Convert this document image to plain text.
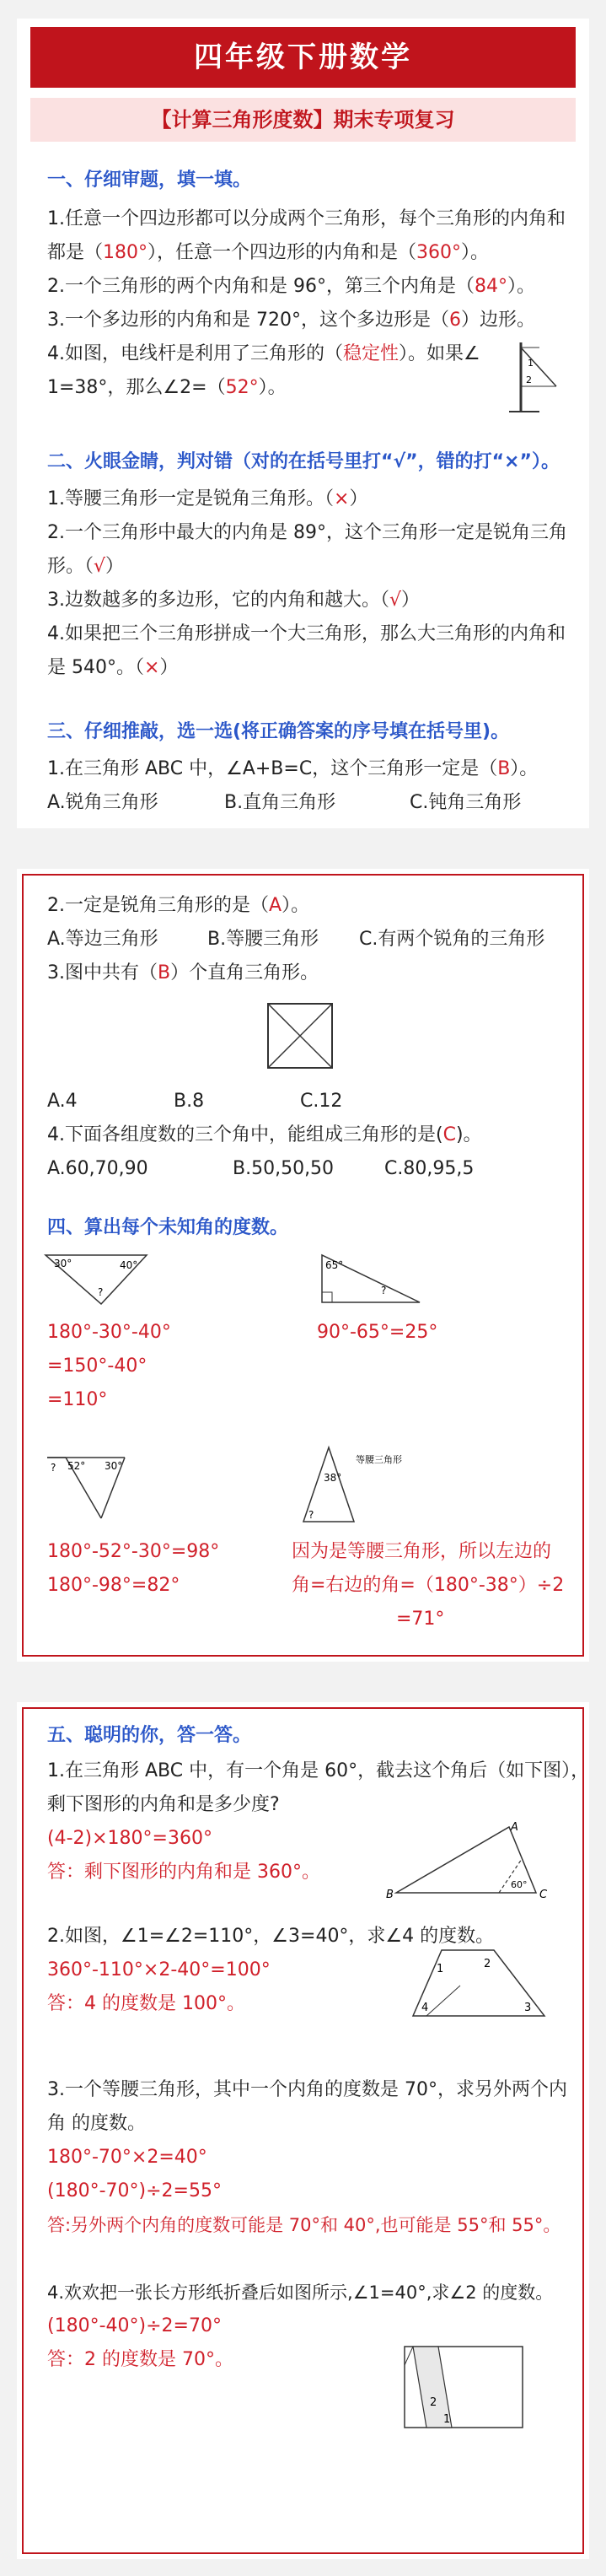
四年级下册数学
【计算三角形度数】期末专项复习
一、仔细审题，填一填。
1.任意一个四边形都可以分成两个三角形，每个三角形的内角和
都是（180°），任意一个四边形的内角和是（360°）。
2.一个三角形的两个内角和是 96°，第三个内角是（84°）。
3.一个多边形的内角和是 720°，这个多边形是（6）边形。
4.如图，电线杆是利用了三角形的（稳定性）。如果∠
1=38°，那么∠2=（52°）。
1
2
二、火眼金睛，判对错（对的在括号里打“√”，错的打“×”）。
1.等腰三角形一定是锐角三角形。（×）
2.一个三角形中最大的内角是 89°，这个三角形一定是锐角三角
形。（√）
3.边数越多的多边形，它的内角和越大。（√）
4.如果把三个三角形拼成一个大三角形，那么大三角形的内角和
是 540°。（×）
三、仔细推敲，选一选(将正确答案的序号填在括号里)。
1.在三角形 ABC 中，∠A+B=C，这个三角形一定是（B）。
A.锐角三角形	B.直角三角形	C.钝角三角形
2.一定是锐角三角形的是（A）。
A.等边三角形	B.等腰三角形 C.有两个锐角的三角形
3.图中共有（B）个直角三角形。
A.4	B.8	C.12
4.下面各组度数的三个角中，能组成三角形的是(C)。
A.60,70,90	B.50,50,50	C.80,95,5
四、算出每个未知角的度数。
30°	40°
?
180°-30°-40°
=150°-40°
=110°
65°
?
90°-65°=25°
52° 30°
?
180°-52°-30°=98°
180°-98°=82°
38°
?
等腰三角形
因为是等腰三角形，所以左边的
角=右边的角=（180°-38°）÷2
=71°
五、聪明的你，答一答。
1.在三角形 ABC 中，有一个角是 60°，截去这个角后（如下图），
剩下图形的内角和是多少度?
(4-2)×180°=360°
答：剩下图形的内角和是 360°。
A
B	C
60°
2.如图，∠1=∠2=110°，∠3=40°，求∠4 的度数。
360°-110°×2-40°=100°
答：4 的度数是 100°。
1	2
3
4
3.一个等腰三角形，其中一个内角的度数是 70°，求另外两个内
角 的度数。
180°-70°×2=40°
(180°-70°)÷2=55°
答:另外两个内角的度数可能是 70°和 40°,也可能是 55°和 55°。
4.欢欢把一张长方形纸折叠后如图所示,∠1=40°,求∠2 的度数。
(180°-40°)÷2=70°
答：2 的度数是 70°。
2
1
